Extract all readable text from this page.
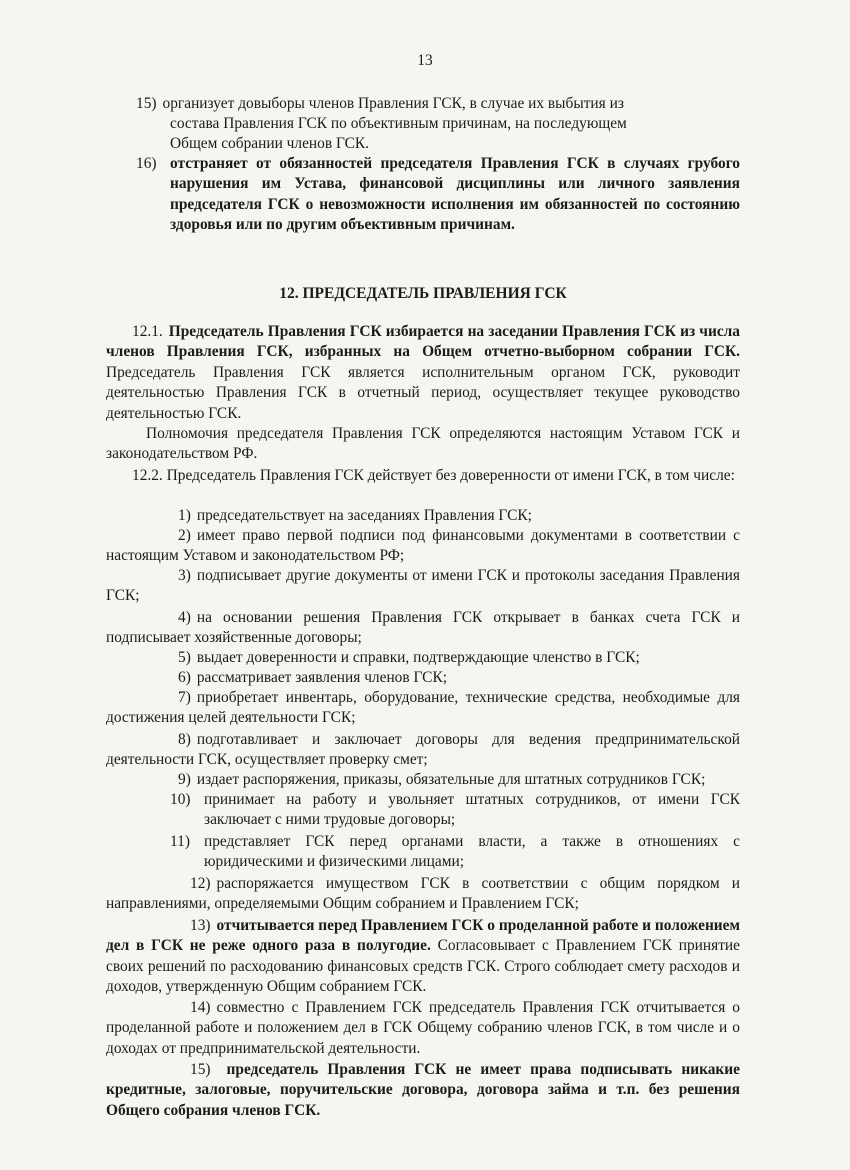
13
15) организует довыборы членов Правления ГСК, в случае их выбытия из
состава Правления ГСК по объективным причинам, на последующем
Общем собрании членов ГСК.
16) отстраняет от обязанностей председателя Правления ГСК в случаях грубого нарушения им Устава, финансовой дисциплины или личного заявления председателя ГСК о невозможности исполнения им обязанностей по состоянию здоровья или по другим объективным причинам.
12. ПРЕДСЕДАТЕЛЬ ПРАВЛЕНИЯ ГСК
12.1. Председатель Правления ГСК избирается на заседании Правления ГСК из числа членов Правления ГСК, избранных на Общем отчетно-выборном собрании ГСК. Председатель Правления ГСК является исполнительным органом ГСК, руководит деятельностью Правления ГСК в отчетный период, осуществляет текущее руководство деятельностью ГСК.
Полномочия председателя Правления ГСК определяются настоящим Уставом ГСК и законодательством РФ.
12.2. Председатель Правления ГСК действует без доверенности от имени ГСК, в том числе:
1) председательствует на заседаниях Правления ГСК;
2) имеет право первой подписи под финансовыми документами в соответствии с настоящим Уставом и законодательством РФ;
3) подписывает другие документы от имени ГСК и протоколы заседания Правления ГСК;
4) на основании решения Правления ГСК открывает в банках счета ГСК и подписывает хозяйственные договоры;
5) выдает доверенности и справки, подтверждающие членство в ГСК;
6) рассматривает заявления членов ГСК;
7) приобретает инвентарь, оборудование, технические средства, необходимые для достижения целей деятельности ГСК;
8) подготавливает и заключает договоры для ведения предпринимательской деятельности ГСК, осуществляет проверку смет;
9) издает распоряжения, приказы, обязательные для штатных сотрудников ГСК;
10) принимает на работу и увольняет штатных сотрудников, от имени ГСК заключает с ними трудовые договоры;
11) представляет ГСК перед органами власти, а также в отношениях с юридическими и физическими лицами;
12) распоряжается имуществом ГСК в соответствии с общим порядком и направлениями, определяемыми Общим собранием и Правлением ГСК;
13) отчитывается перед Правлением ГСК о проделанной работе и положением дел в ГСК не реже одного раза в полугодие. Согласовывает с Правлением ГСК принятие своих решений по расходованию финансовых средств ГСК. Строго соблюдает смету расходов и доходов, утвержденную Общим собранием ГСК.
14) совместно с Правлением ГСК председатель Правления ГСК отчитывается о проделанной работе и положением дел в ГСК Общему собранию членов ГСК, в том числе и о доходах от предпринимательской деятельности.
15) председатель Правления ГСК не имеет права подписывать никакие кредитные, залоговые, поручительские договора, договора займа и т.п. без решения Общего собрания членов ГСК.
